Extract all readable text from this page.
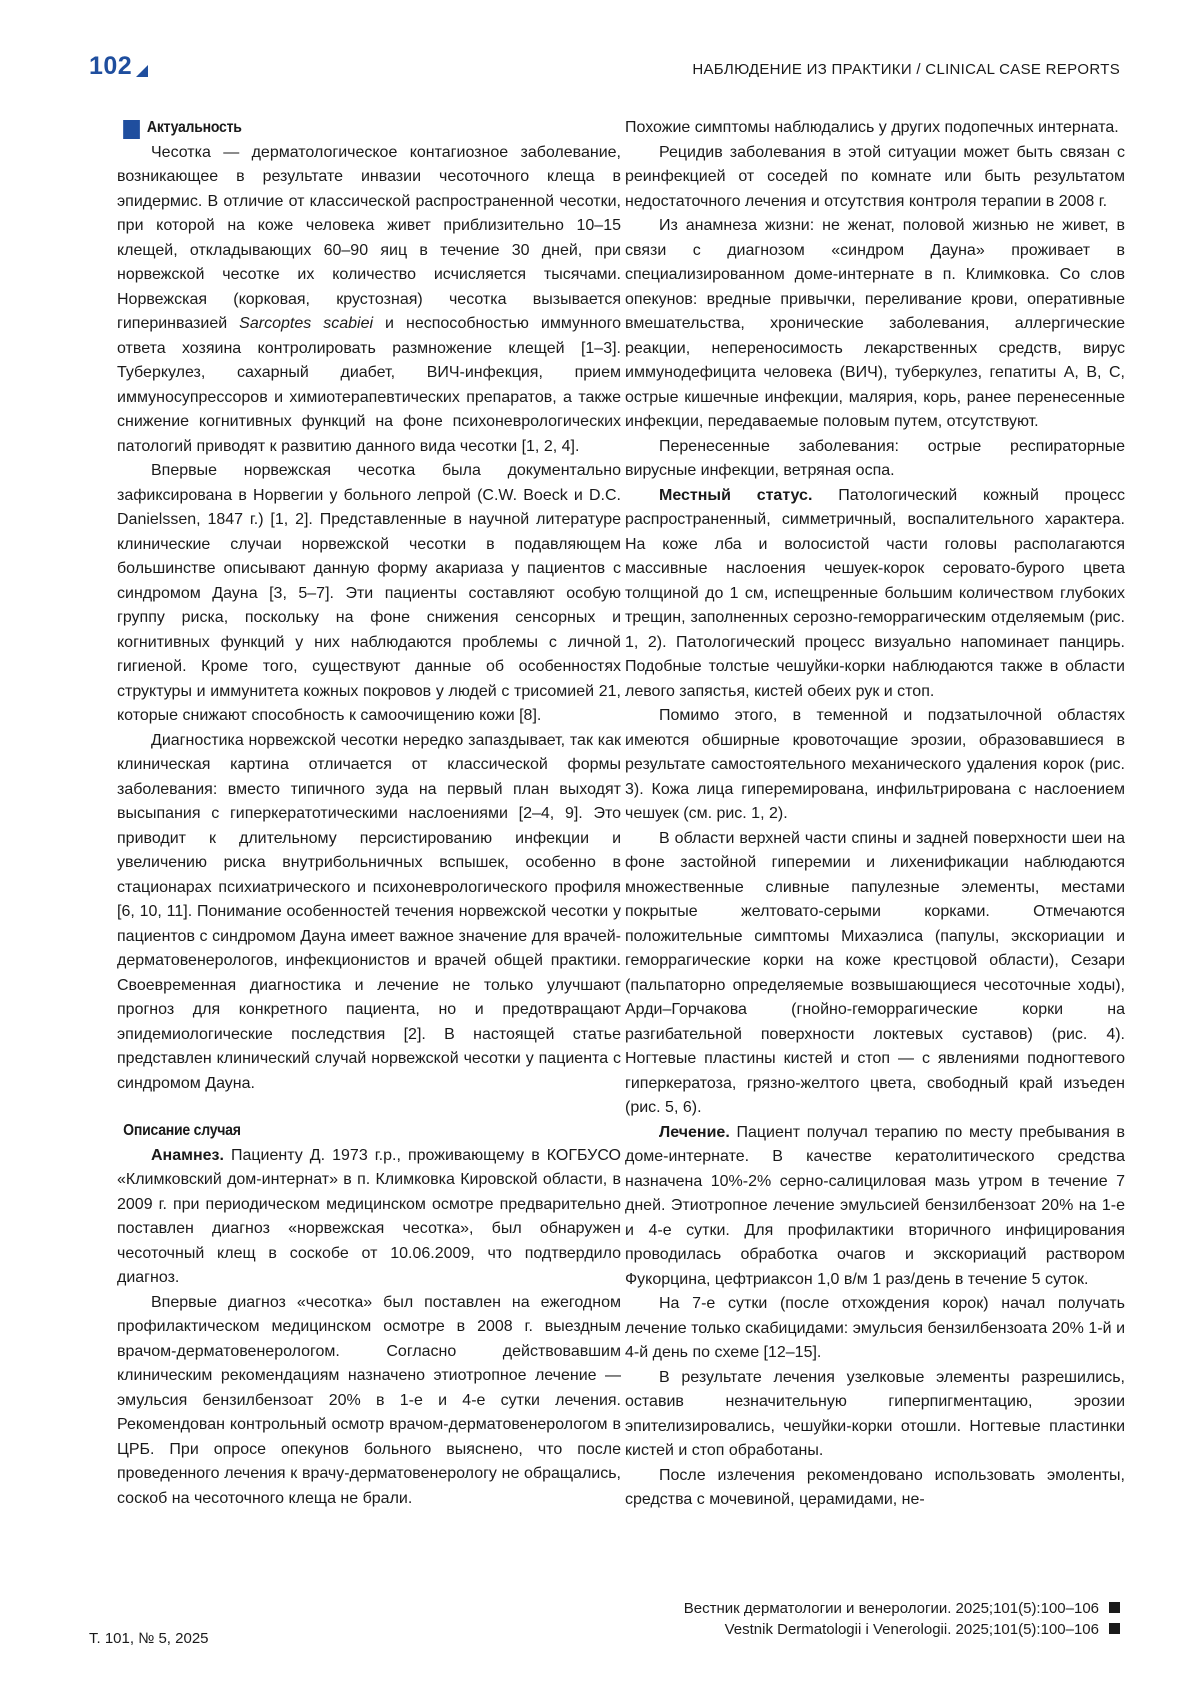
102	НАБЛЮДЕНИЕ ИЗ ПРАКТИКИ / CLINICAL CASE REPORTS
Актуальность

Чесотка — дерматологическое контагиозное заболевание, возникающее в результате инвазии чесоточного клеща в эпидермис. В отличие от классической распространенной чесотки, при которой на коже человека живет приблизительно 10–15 клещей, откладывающих 60–90 яиц в течение 30 дней, при норвежской чесотке их количество исчисляется тысячами. Норвежская (корковая, крустозная) чесотка вызывается гиперинвазией Sarcoptes scabiei и неспособностью иммунного ответа хозяина контролировать размножение клещей [1–3]. Туберкулез, сахарный диабет, ВИЧ-инфекция, прием иммуносупрессоров и химиотерапевтических препаратов, а также снижение когнитивных функций на фоне психоневрологических патологий приводят к развитию данного вида чесотки [1, 2, 4].

Впервые норвежская чесотка была документально зафиксирована в Норвегии у больного лепрой (C.W. Boeck и D.C. Danielssen, 1847 г.) [1, 2]. Представленные в научной литературе клинические случаи норвежской чесотки в подавляющем большинстве описывают данную форму акариаза у пациентов с синдромом Дауна [3, 5–7]. Эти пациенты составляют особую группу риска, поскольку на фоне снижения сенсорных и когнитивных функций у них наблюдаются проблемы с личной гигиеной. Кроме того, существуют данные об особенностях структуры и иммунитета кожных покровов у людей с трисомией 21, которые снижают способность к самоочищению кожи [8].

Диагностика норвежской чесотки нередко запаздывает, так как клиническая картина отличается от классической формы заболевания: вместо типичного зуда на первый план выходят высыпания с гиперкератотическими наслоениями [2–4, 9]. Это приводит к длительному персистированию инфекции и увеличению риска внутрибольничных вспышек, особенно в стационарах психиатрического и психоневрологического профиля [6, 10, 11]. Понимание особенностей течения норвежской чесотки у пациентов с синдромом Дауна имеет важное значение для врачей-дерматовенерологов, инфекционистов и врачей общей практики. Своевременная диагностика и лечение не только улучшают прогноз для конкретного пациента, но и предотвращают эпидемиологические последствия [2]. В настоящей статье представлен клинический случай норвежской чесотки у пациента с синдромом Дауна.

Описание случая

Анамнез. Пациенту Д. 1973 г.р., проживающему в КОГБУСО «Климковский дом-интернат» в п. Климковка Кировской области, в 2009 г. при периодическом медицинском осмотре предварительно поставлен диагноз «норвежская чесотка», был обнаружен чесоточный клещ в соскобе от 10.06.2009, что подтвердило диагноз.

Впервые диагноз «чесотка» был поставлен на ежегодном профилактическом медицинском осмотре в 2008 г. выездным врачом-дерматовенерологом. Согласно действовавшим клиническим рекомендациям назначено этиотропное лечение — эмульсия бензилбензоат 20% в 1-е и 4-е сутки лечения. Рекомендован контрольный осмотр врачом-дерматовенерологом в ЦРБ. При опросе опекунов больного выяснено, что после проведенного лечения к врачу-дерматовенерологу не обращались, соскоб на чесоточного клеща не брали.

Похожие симптомы наблюдались у других подопечных интерната.

Рецидив заболевания в этой ситуации может быть связан с реинфекцией от соседей по комнате или быть результатом недостаточного лечения и отсутствия контроля терапии в 2008 г.

Из анамнеза жизни: не женат, половой жизнью не живет, в связи с диагнозом «синдром Дауна» проживает в специализированном доме-интернате в п. Климковка. Со слов опекунов: вредные привычки, переливание крови, оперативные вмешательства, хронические заболевания, аллергические реакции, непереносимость лекарственных средств, вирус иммунодефицита человека (ВИЧ), туберкулез, гепатиты A, B, C, острые кишечные инфекции, малярия, корь, ранее перенесенные инфекции, передаваемые половым путем, отсутствуют.

Перенесенные заболевания: острые респираторные вирусные инфекции, ветряная оспа.

Местный статус. Патологический кожный процесс распространенный, симметричный, воспалительного характера. На коже лба и волосистой части головы располагаются массивные наслоения чешуек-корок серовато-бурого цвета толщиной до 1 см, испещренные большим количеством глубоких трещин, заполненных серозно-геморрагическим отделяемым (рис. 1, 2). Патологический процесс визуально напоминает панцирь. Подобные толстые чешуйки-корки наблюдаются также в области левого запястья, кистей обеих рук и стоп.

Помимо этого, в теменной и подзатылочной областях имеются обширные кровоточащие эрозии, образовавшиеся в результате самостоятельного механического удаления корок (рис. 3). Кожа лица гиперемирована, инфильтрирована с наслоением чешуек (см. рис. 1, 2).

В области верхней части спины и задней поверхности шеи на фоне застойной гиперемии и лихенификации наблюдаются множественные сливные папулезные элементы, местами покрытые желтовато-серыми корками. Отмечаются положительные симптомы Михаэлиса (папулы, экскориации и геморрагические корки на коже крестцовой области), Сезари (пальпаторно определяемые возвышающиеся чесоточные ходы), Арди–Горчакова (гнойно-геморрагические корки на разгибательной поверхности локтевых суставов) (рис. 4). Ногтевые пластины кистей и стоп — с явлениями подногтевого гиперкератоза, грязно-желтого цвета, свободный край изъеден (рис. 5, 6).

Лечение. Пациент получал терапию по месту пребывания в доме-интернате. В качестве кератолитического средства назначена 10%-2% серно-салициловая мазь утром в течение 7 дней. Этиотропное лечение эмульсией бензилбензоат 20% на 1-е и 4-е сутки. Для профилактики вторичного инфицирования проводилась обработка очагов и экскориаций раствором Фукорцина, цефтриаксон 1,0 в/м 1 раз/день в течение 5 суток.

На 7-е сутки (после отхождения корок) начал получать лечение только скабицидами: эмульсия бензилбензоата 20% 1-й и 4-й день по схеме [12–15].

В результате лечения узелковые элементы разрешились, оставив незначительную гиперпигментацию, эрозии эпителизировались, чешуйки-корки отошли. Ногтевые пластинки кистей и стоп обработаны.

После излечения рекомендовано использовать эмоленты, средства с мочевиной, церамидами, не-

Т. 101, № 5, 2025
Вестник дерматологии и венерологии. 2025;101(5):100–106
Vestnik Dermatologii i Venerologii. 2025;101(5):100–106
